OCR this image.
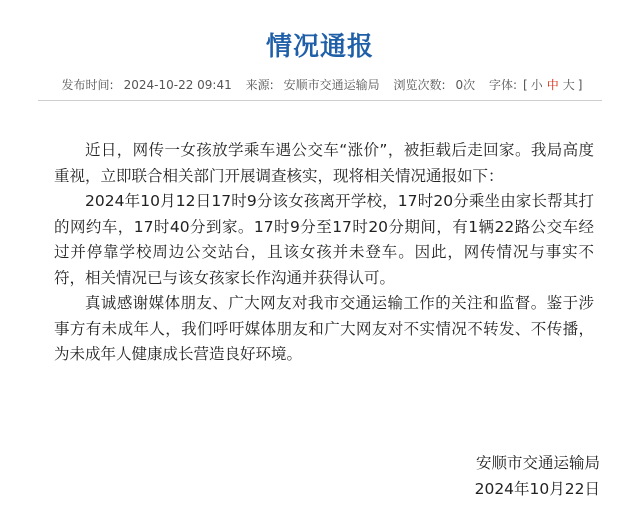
情况通报
发布时间: 2024-10-22 09:41 来源: 安顺市交通运输局 浏览次数: 0次 字体: [ 小 中 大 ]

近日，网传一女孩放学乘车遇公交车“涨价”，被拒载后走回家。我局高度重视，立即联合相关部门开展调查核实，现将相关情况通报如下：

2024年10月12日17时9分该女孩离开学校，17时20分乘坐由家长帮其打的网约车，17时40分到家。17时9分至17时20分期间，有1辆22路公交车经过并停靠学校周边公交站台，且该女孩并未登车。因此，网传情况与事实不符，相关情况已与该女孩家长作沟通并获得认可。

真诚感谢媒体朋友、广大网友对我市交通运输工作的关注和监督。鉴于涉事方有未成年人，我们呼吁媒体朋友和广大网友对不实情况不转发、不传播，为未成年人健康成长营造良好环境。

安顺市交通运输局
2024年10月22日
